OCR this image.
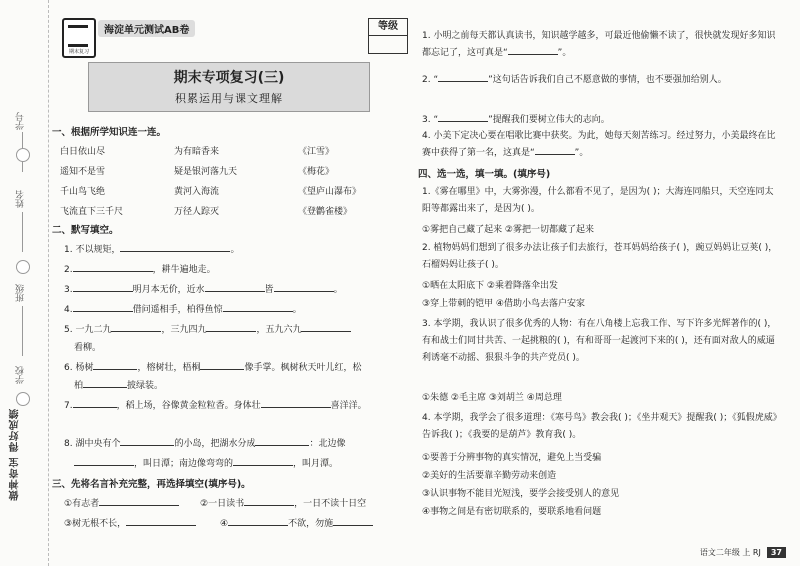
学号
姓名
班级
学校
做神奇宝 得好成绩
期末复习
海淀单元测试AB卷	等级
期末专项复习(三)
积累运用与课文理解
一、根据所学知识连一连。
白日依山尽	为有暗香来	《江雪》
遥知不是雪	疑是银河落九天	《梅花》
千山鸟飞绝	黄河入海流	《望庐山瀑布》
飞流直下三千尺	万径人踪灭	《登鹳雀楼》
二、默写填空。
1. 不以规矩，	。
2.	，耕牛遍地走。
3.	明月本无价，近水	皆	。
4.	借问遥相手，柏得鱼惊	。
5. 一九二九	，三九四九	，五九六九
看柳。
6. 杨树	，榕树壮，梧桐	像手掌。枫树秋天叶儿红，松
柏	披绿装。
7.	，稻上场，谷像黄金粒粒香。身体壮	喜洋洋。
8. 湖中央有个	的小岛，把湖水分成	：北边像
，叫日潭；南边像弯弯的	，叫月潭。
三、先将名言补充完整，再选择填空(填序号)。
①有志者	②一日读书	，一日不读十日空
③树无根不长，	④	不欲，勿施
1. 小明之前每天都认真读书，知识越学越多，可最近他偷懒不读了，很快就发现好多知识都忘记了，这可真是“	”。
2. “	”这句话告诉我们自己不愿意做的事情，也不要强加给别人。
3. “	”提醒我们要树立伟大的志向。
4. 小美下定决心要在唱歌比赛中获奖。为此，她每天刻苦练习。经过努力，小美最终在比赛中获得了第一名，这真是“	”。
四、选一选，填一填。(填序号)
1.《雾在哪里》中，大雾弥漫，什么都看不见了，是因为( )；大海连同船只，天空连同太阳等都露出来了，是因为( )。
①雾把自己藏了起来 ②雾把一切都藏了起来
2. 植物妈妈们想到了很多办法让孩子们去旅行，苍耳妈妈给孩子( )，豌豆妈妈让豆荚( )，石榴妈妈让孩子( )。
①晒在太阳底下 ②乘着降落伞出发
③穿上带刺的铠甲 ④借助小鸟去落户安家
3. 本学期，我认识了很多优秀的人物：有在八角楼上忘我工作、写下许多光辉著作的( )，有和战士们同甘共苦、一起挑粮的( )，有和哥哥一起渡河下来的( )，还有面对敌人的威逼利诱毫不动摇、狠狠斗争的共产党员( )。
①朱德 ②毛主席 ③刘胡兰 ④周总理
4. 本学期，我学会了很多道理：《寒号鸟》教会我( )；《坐井观天》提醒我( )；《狐假虎威》告诉我( )；《我要的是葫芦》教育我( )。
①要善于分辨事物的真实情况，避免上当受骗
②美好的生活要靠辛勤劳动来创造
③认识事物不能目光短浅，要学会接受别人的意见
④事物之间是有密切联系的，要联系地看问题
语文二年级 上 RJ 37
